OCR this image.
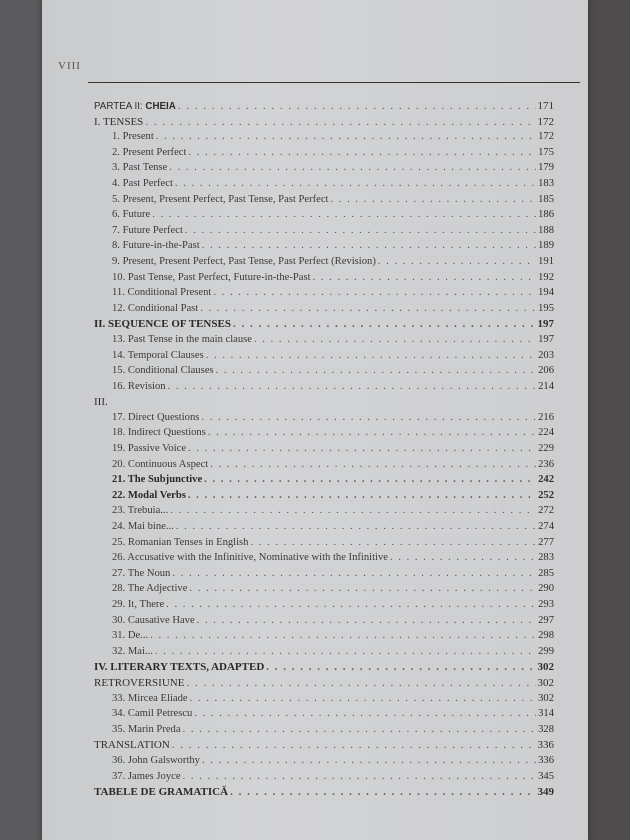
VIII
PARTEA II: CHEIA . . .	171
I. TENSES . . .	172
1. Present . . .	172
2. Present Perfect . . .	175
3. Past Tense . . .	179
4. Past Perfect . . .	183
5. Present, Present Perfect, Past Tense, Past Perfect . . .	185
6. Future . . .	186
7. Future Perfect . . .	188
8. Future-in-the-Past . . .	189
9. Present, Present Perfect, Past Tense, Past Perfect (Revision) . . .	191
10. Past Tense, Past Perfect, Future-in-the-Past . . .	192
11. Conditional Present . . .	194
12. Conditional Past . . .	195
II. SEQUENCE OF TENSES . . .	197
13. Past Tense in the main clause . . .	197
14. Temporal Clauses . . .	203
15. Conditional Clauses . . .	206
16. Revision . . .	214
III.
17. Direct Questions . . .	216
18. Indirect Questions . . .	224
19. Passive Voice . . .	229
20. Continuous Aspect . . .	236
21. The Subjunctive . . .	242
22. Modal Verbs . . .	252
23. Trebuia... . . .	272
24. Mai bine... . . .	274
25. Romanian Tenses in English . . .	277
26. Accusative with the Infinitive, Nominative with the Infinitive . . .	283
27. The Noun . . .	285
28. The Adjective . . .	290
29. It, There . . .	293
30. Causative Have . . .	297
31. De... . . .	298
32. Mai... . . .	299
IV. LITERARY TEXTS, ADAPTED . . .	302
RETROVERSIUNE . . .	302
33. Mircea Eliade . . .	302
34. Camil Petrescu . . .	314
35. Marin Preda . . .	328
TRANSLATION . . .	336
36. John Galsworthy . . .	336
37. James Joyce . . .	345
TABELE DE GRAMATICĂ . . .	349
